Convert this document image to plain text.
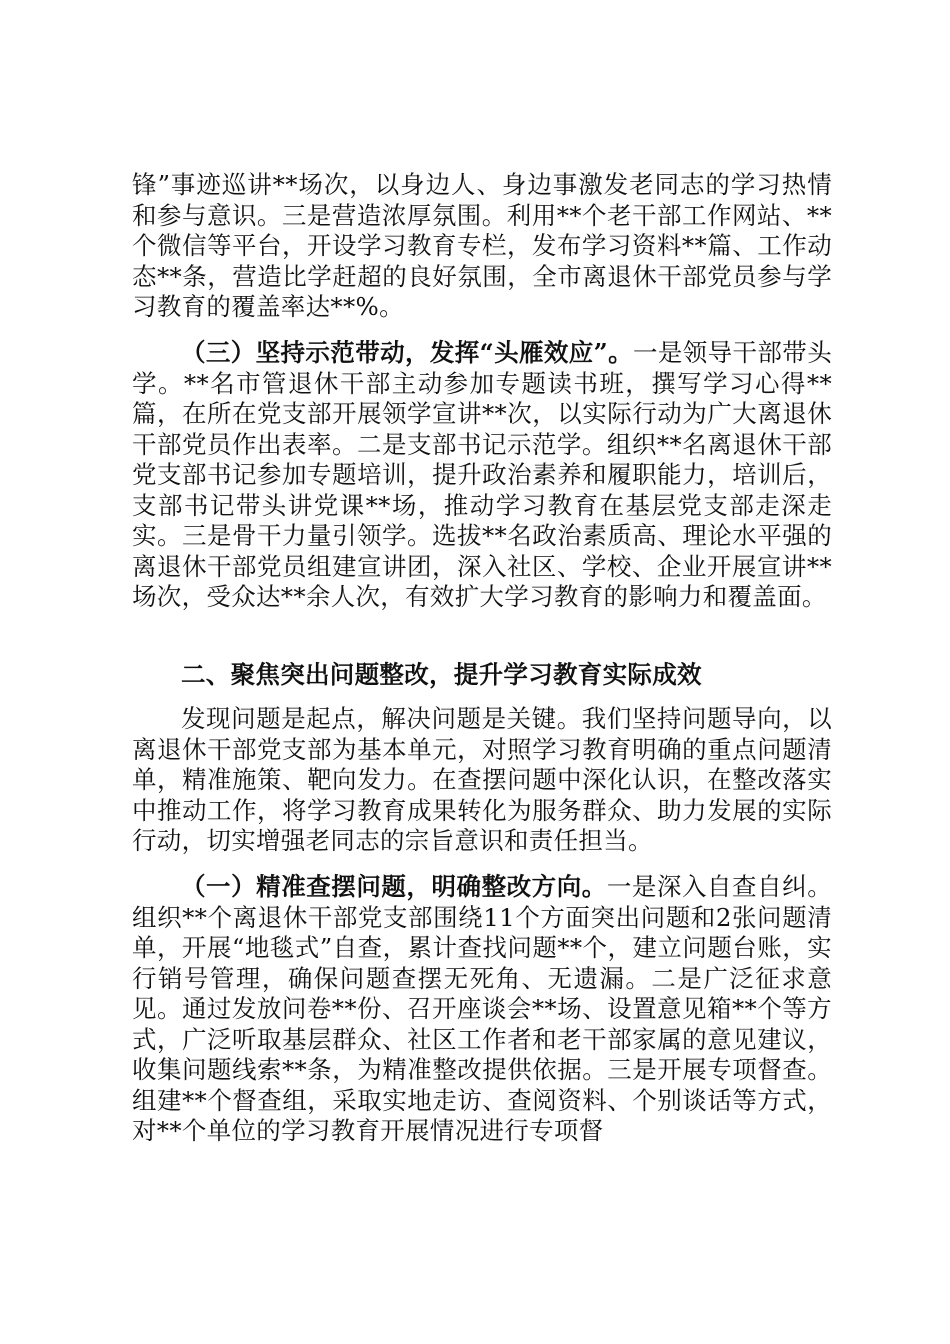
锋”事迹巡讲**场次，以身边人、身边事激发老同志的学习热情和参与意识。三是营造浓厚氛围。利用**个老干部工作网站、**个微信等平台，开设学习教育专栏，发布学习资料**篇、工作动态**条，营造比学赶超的良好氛围，全市离退休干部党员参与学习教育的覆盖率达**%。

（三）坚持示范带动，发挥“头雁效应”。一是领导干部带头学。**名市管退休干部主动参加专题读书班，撰写学习心得**篇，在所在党支部开展领学宣讲**次，以实际行动为广大离退休干部党员作出表率。二是支部书记示范学。组织**名离退休干部党支部书记参加专题培训，提升政治素养和履职能力，培训后，支部书记带头讲党课**场，推动学习教育在基层党支部走深走实。三是骨干力量引领学。选拔**名政治素质高、理论水平强的离退休干部党员组建宣讲团，深入社区、学校、企业开展宣讲**场次，受众达**余人次，有效扩大学习教育的影响力和覆盖面。

二、聚焦突出问题整改，提升学习教育实际成效

发现问题是起点，解决问题是关键。我们坚持问题导向，以离退休干部党支部为基本单元，对照学习教育明确的重点问题清单，精准施策、靶向发力。在查摆问题中深化认识，在整改落实中推动工作，将学习教育成果转化为服务群众、助力发展的实际行动，切实增强老同志的宗旨意识和责任担当。

（一）精准查摆问题，明确整改方向。一是深入自查自纠。组织**个离退休干部党支部围绕11个方面突出问题和2张问题清单，开展“地毯式”自查，累计查找问题**个，建立问题台账，实行销号管理，确保问题查摆无死角、无遗漏。二是广泛征求意见。通过发放问卷**份、召开座谈会**场、设置意见箱**个等方式，广泛听取基层群众、社区工作者和老干部家属的意见建议，收集问题线索**条，为精准整改提供依据。三是开展专项督查。组建**个督查组，采取实地走访、查阅资料、个别谈话等方式，对**个单位的学习教育开展情况进行专项督
